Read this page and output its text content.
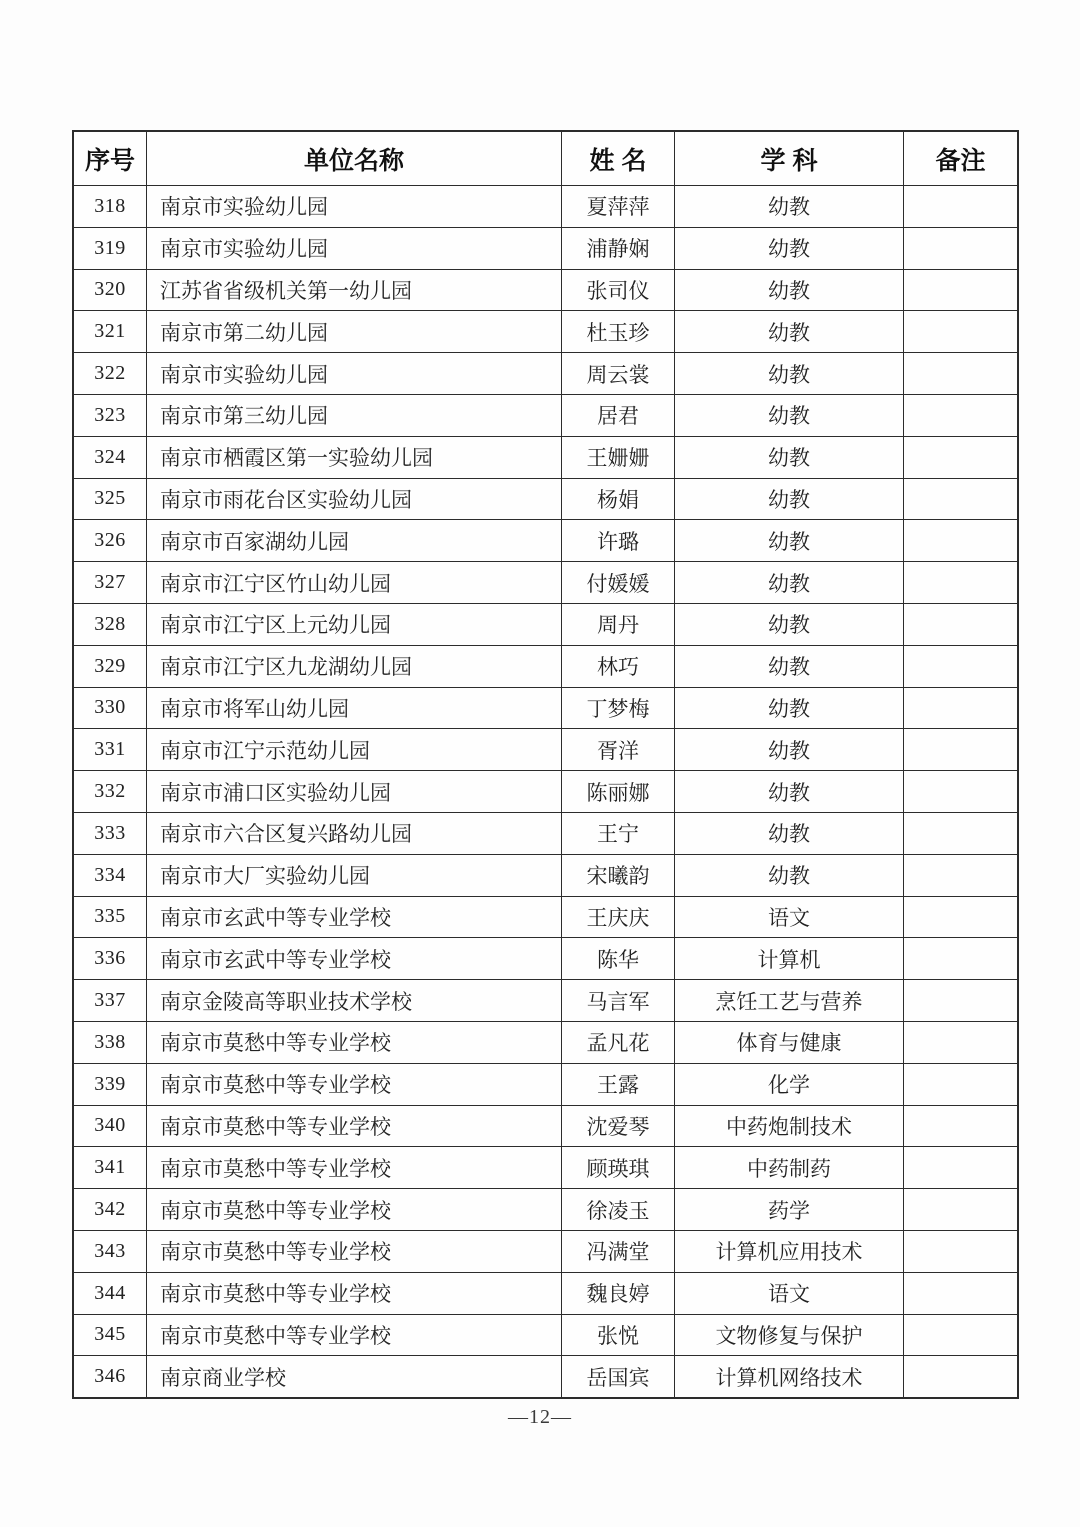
序号	单位名称	姓 名	学 科	备注
318	南京市实验幼儿园	夏萍萍	幼教	
319	南京市实验幼儿园	浦静娴	幼教	
320	江苏省省级机关第一幼儿园	张司仪	幼教	
321	南京市第二幼儿园	杜玉珍	幼教	
322	南京市实验幼儿园	周云裳	幼教	
323	南京市第三幼儿园	居君	幼教	
324	南京市栖霞区第一实验幼儿园	王姗姗	幼教	
325	南京市雨花台区实验幼儿园	杨娟	幼教	
326	南京市百家湖幼儿园	许璐	幼教	
327	南京市江宁区竹山幼儿园	付媛媛	幼教	
328	南京市江宁区上元幼儿园	周丹	幼教	
329	南京市江宁区九龙湖幼儿园	林巧	幼教	
330	南京市将军山幼儿园	丁梦梅	幼教	
331	南京市江宁示范幼儿园	胥洋	幼教	
332	南京市浦口区实验幼儿园	陈丽娜	幼教	
333	南京市六合区复兴路幼儿园	王宁	幼教	
334	南京市大厂实验幼儿园	宋曦韵	幼教	
335	南京市玄武中等专业学校	王庆庆	语文	
336	南京市玄武中等专业学校	陈华	计算机	
337	南京金陵高等职业技术学校	马言军	烹饪工艺与营养	
338	南京市莫愁中等专业学校	孟凡花	体育与健康	
339	南京市莫愁中等专业学校	王露	化学	
340	南京市莫愁中等专业学校	沈爱琴	中药炮制技术	
341	南京市莫愁中等专业学校	顾瑛琪	中药制药	
342	南京市莫愁中等专业学校	徐凌玉	药学	
343	南京市莫愁中等专业学校	冯满堂	计算机应用技术	
344	南京市莫愁中等专业学校	魏良婷	语文	
345	南京市莫愁中等专业学校	张悦	文物修复与保护	
346	南京商业学校	岳国宾	计算机网络技术	
—12—
